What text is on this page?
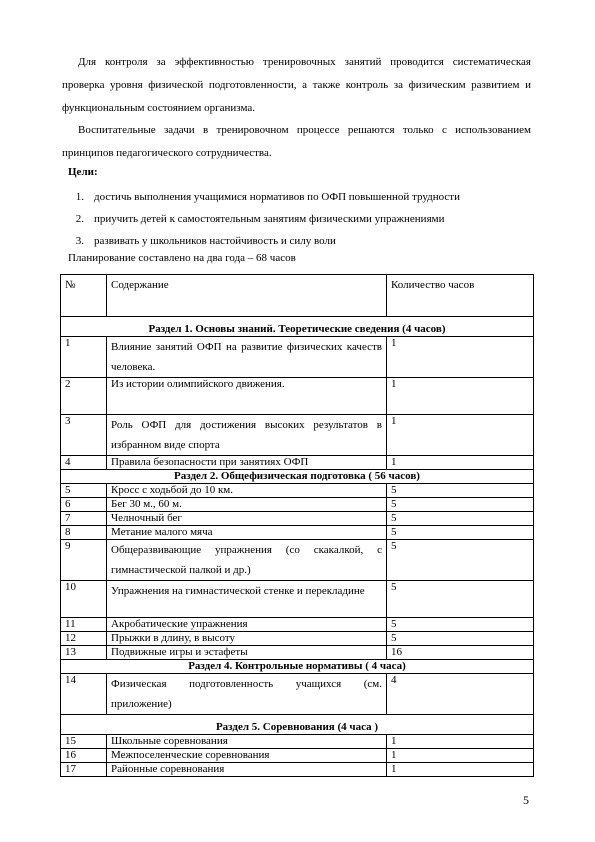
Для контроля за эффективностью тренировочных занятий проводится систематическая проверка уровня физической подготовленности, а также контроль за физическим развитием и функциональным состоянием организма.

Воспитательные задачи в тренировочном процессе решаются только с использованием принципов педагогического сотрудничества.

Цели:

1. достичь выполнения учащимися нормативов по ОФП повышенной трудности
2. приучить детей к самостоятельным занятиям физическими упражнениями
3. развивать у школьников настойчивость и силу воли

Планирование составлено на два года – 68 часов

№	Содержание	Количество часов
Раздел 1. Основы знаний. Теоретические сведения (4 часов)		
1	Влияние занятий ОФП на развитие физических качеств человека.	1
2	Из истории олимпийского движения.	1
3	Роль ОФП для достижения высоких результатов в избранном виде спорта	1
4	Правила безопасности при занятиях ОФП	1
Раздел 2. Общефизическая подготовка ( 56 часов)		
5	Кросс с ходьбой до 10 км.	5
6	Бег 30 м., 60 м.	5
7	Челночный бег	5
8	Метание малого мяча	5
9	Общеразвивающие упражнения (со скакалкой, с гимнастической палкой и др.)	5
10	Упражнения на гимнастической стенке и перекладине	5
11	Акробатические упражнения	5
12	Прыжки в длину, в высоту	5
13	Подвижные игры и эстафеты	16
Раздел 4. Контрольные нормативы ( 4 часа)		
14	Физическая подготовленность учащихся (см. приложение)	4
Раздел 5. Соревнования (4 часа )		
15	Школьные соревнования	1
16	Межпоселенческие соревнования	1
17	Районные соревнования	1

5
